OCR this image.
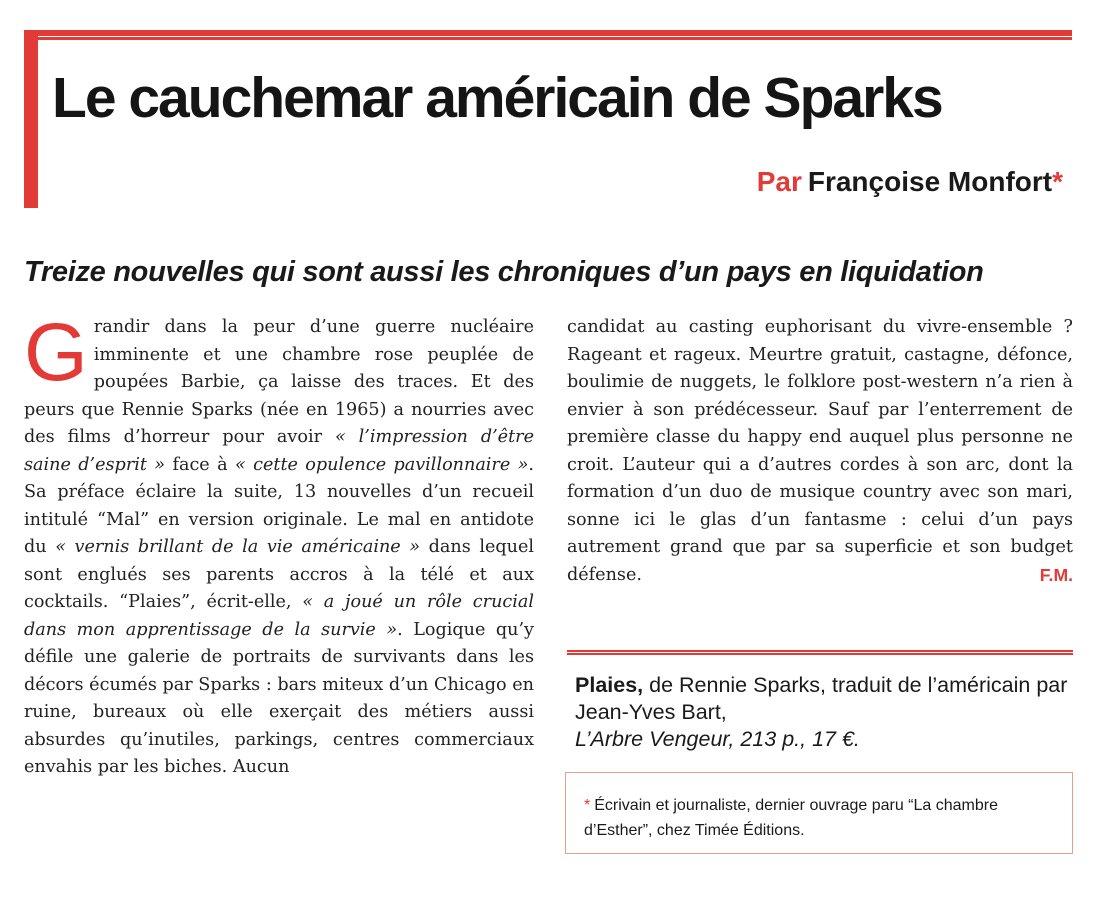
Le cauchemar américain de Sparks
Par Françoise Monfort*
Treize nouvelles qui sont aussi les chroniques d’un pays en liquidation

Grandir dans la peur d’une guerre nucléaire imminente et une chambre rose peuplée de poupées Barbie, ça laisse des traces. Et des peurs que Rennie Sparks (née en 1965) a nourries avec des films d’horreur pour avoir « l’impression d’être saine d’esprit » face à « cette opulence pavillonnaire ». Sa préface éclaire la suite, 13 nouvelles d’un recueil intitulé “Mal” en version originale. Le mal en antidote du « vernis brillant de la vie américaine » dans lequel sont englués ses parents accros à la télé et aux cocktails. “Plaies”, écrit-elle, « a joué un rôle crucial dans mon apprentissage de la survie ». Logique qu’y défile une galerie de portraits de survivants dans les décors écumés par Sparks : bars miteux d’un Chicago en ruine, bureaux où elle exerçait des métiers aussi absurdes qu’inutiles, parkings, centres commerciaux envahis par les biches. Aucun

candidat au casting euphorisant du vivre-ensemble ? Rageant et rageux. Meurtre gratuit, castagne, défonce, boulimie de nuggets, le folklore post-western n’a rien à envier à son prédécesseur. Sauf par l’enterrement de première classe du happy end auquel plus personne ne croit. L’auteur qui a d’autres cordes à son arc, dont la formation d’un duo de musique country avec son mari, sonne ici le glas d’un fantasme : celui d’un pays autrement grand que par sa superficie et son budget défense.	F.M.

Plaies, de Rennie Sparks, traduit de l’américain par Jean-Yves Bart,
L’Arbre Vengeur, 213 p., 17 €.
* Écrivain et journaliste, dernier ouvrage paru “La chambre d’Esther”, chez Timée Éditions.
